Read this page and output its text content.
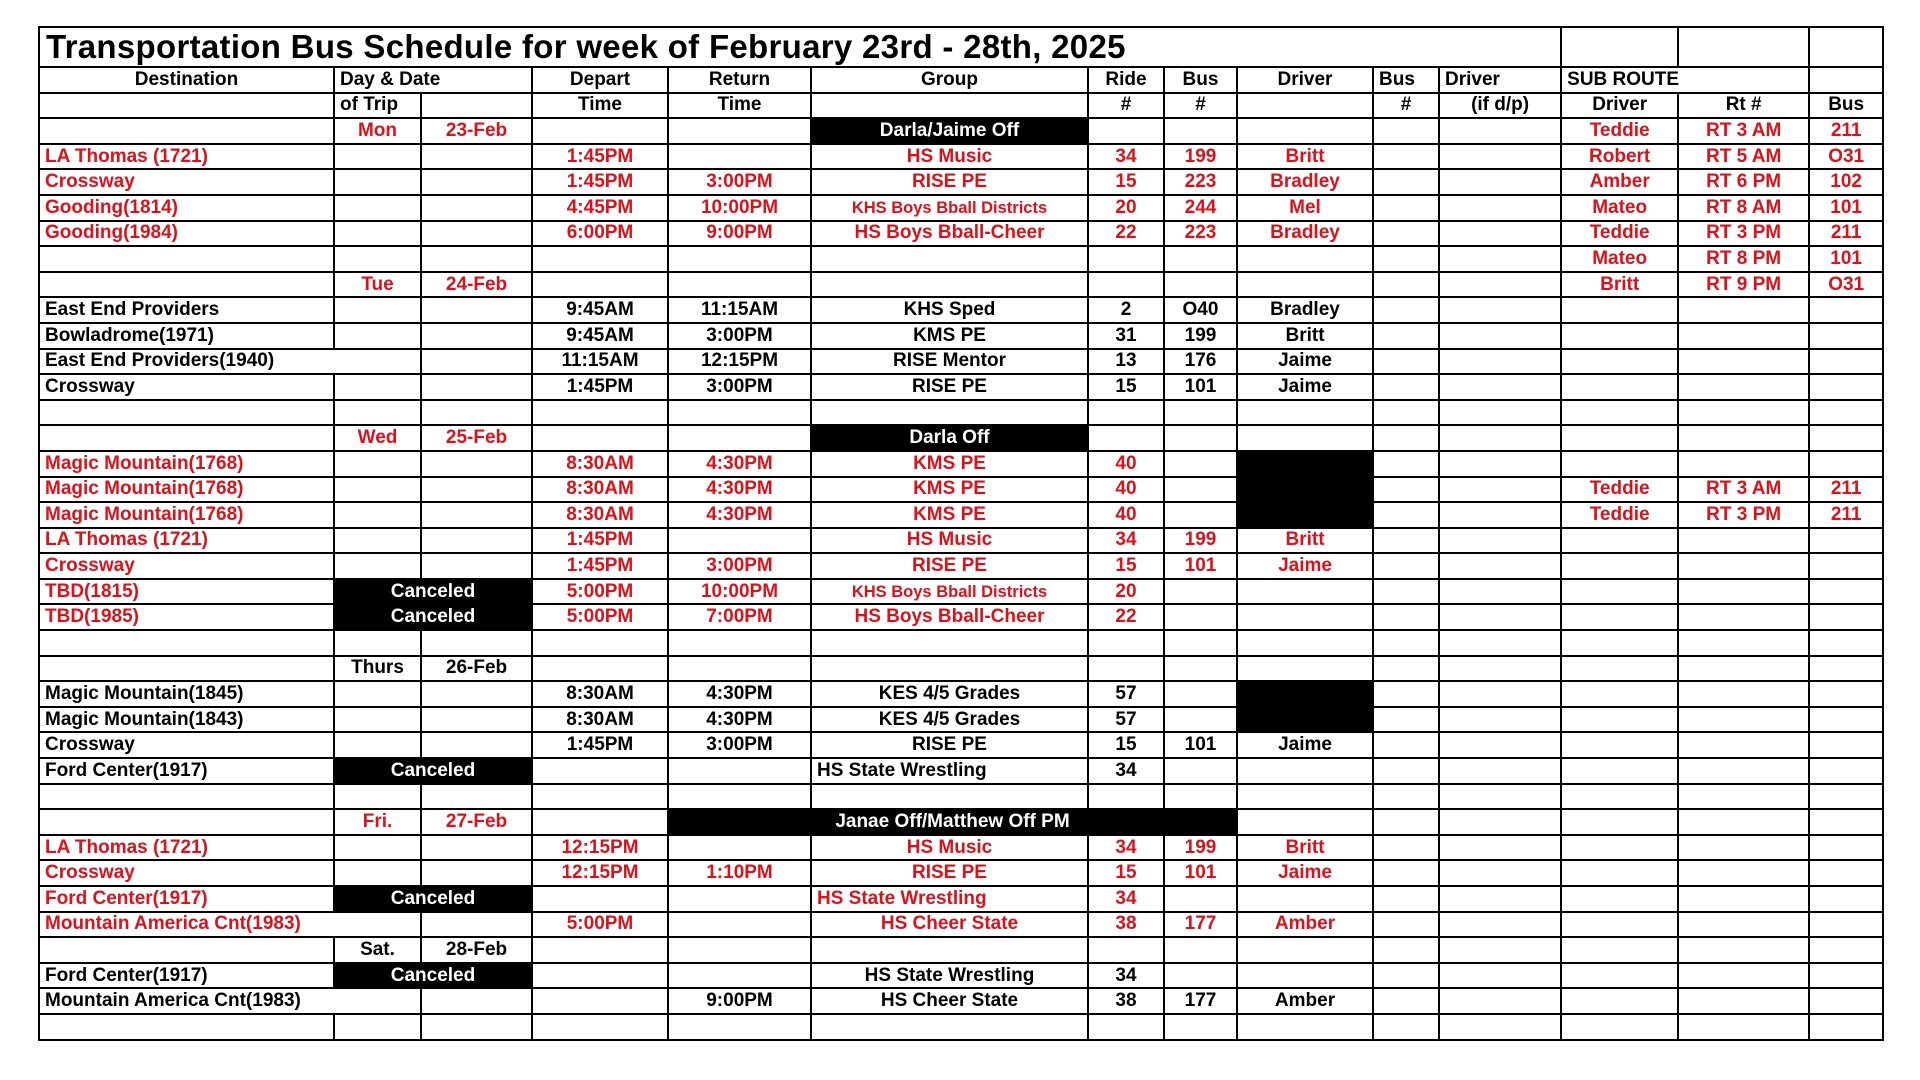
Transportation Bus Schedule for week of February 23rd - 28th, 2025														
Destination	Day & Date		Depart	Return	Group	Ride	Bus	Driver	Bus	Driver	SUB ROUTE			
	of Trip		Time	Time		#	#		#	(if d/p)	Driver	Rt #	Bus	
	Mon	23-Feb			Darla/Jaime Off						Teddie	RT 3 AM	211	
LA Thomas (1721)			1:45PM		HS Music	34	199	Britt			Robert	RT 5 AM	O31	
Crossway			1:45PM	3:00PM	RISE PE	15	223	Bradley			Amber	RT 6 PM	102	
Gooding(1814)			4:45PM	10:00PM	KHS Boys Bball Districts	20	244	Mel			Mateo	RT 8 AM	101	
Gooding(1984)			6:00PM	9:00PM	HS Boys Bball-Cheer	22	223	Bradley			Teddie	RT 3 PM	211	
											Mateo	RT 8 PM	101	
	Tue	24-Feb									Britt	RT 9 PM	O31	
East End Providers			9:45AM	11:15AM	KHS Sped	2	O40	Bradley						
Bowladrome(1971)			9:45AM	3:00PM	KMS PE	31	199	Britt						
East End Providers(1940)			11:15AM	12:15PM	RISE Mentor	13	176	Jaime						
Crossway			1:45PM	3:00PM	RISE PE	15	101	Jaime						

	Wed	25-Feb			Darla Off									
Magic Mountain(1768)			8:30AM	4:30PM	KMS PE	40								
Magic Mountain(1768)			8:30AM	4:30PM	KMS PE	40					Teddie	RT 3 AM	211	
Magic Mountain(1768)			8:30AM	4:30PM	KMS PE	40					Teddie	RT 3 PM	211	
LA Thomas (1721)			1:45PM		HS Music	34	199	Britt						
Crossway			1:45PM	3:00PM	RISE PE	15	101	Jaime						
TBD(1815)	Canceled		5:00PM	10:00PM	KHS Boys Bball Districts	20								
TBD(1985)	Canceled		5:00PM	7:00PM	HS Boys Bball-Cheer	22								

	Thurs	26-Feb												
Magic Mountain(1845)			8:30AM	4:30PM	KES 4/5 Grades	57								
Magic Mountain(1843)			8:30AM	4:30PM	KES 4/5 Grades	57								
Crossway			1:45PM	3:00PM	RISE PE	15	101	Jaime						
Ford Center(1917)	Canceled				HS State Wrestling	34								

	Fri.	27-Feb		Janae Off/Matthew Off PM										
LA Thomas (1721)			12:15PM		HS Music	34	199	Britt						
Crossway			12:15PM	1:10PM	RISE PE	15	101	Jaime						
Ford Center(1917)	Canceled				HS State Wrestling	34								
Mountain America Cnt(1983)			5:00PM		HS Cheer State	38	177	Amber						
	Sat.	28-Feb												
Ford Center(1917)	Canceled				HS State Wrestling	34								
Mountain America Cnt(1983)				9:00PM	HS Cheer State	38	177	Amber						
